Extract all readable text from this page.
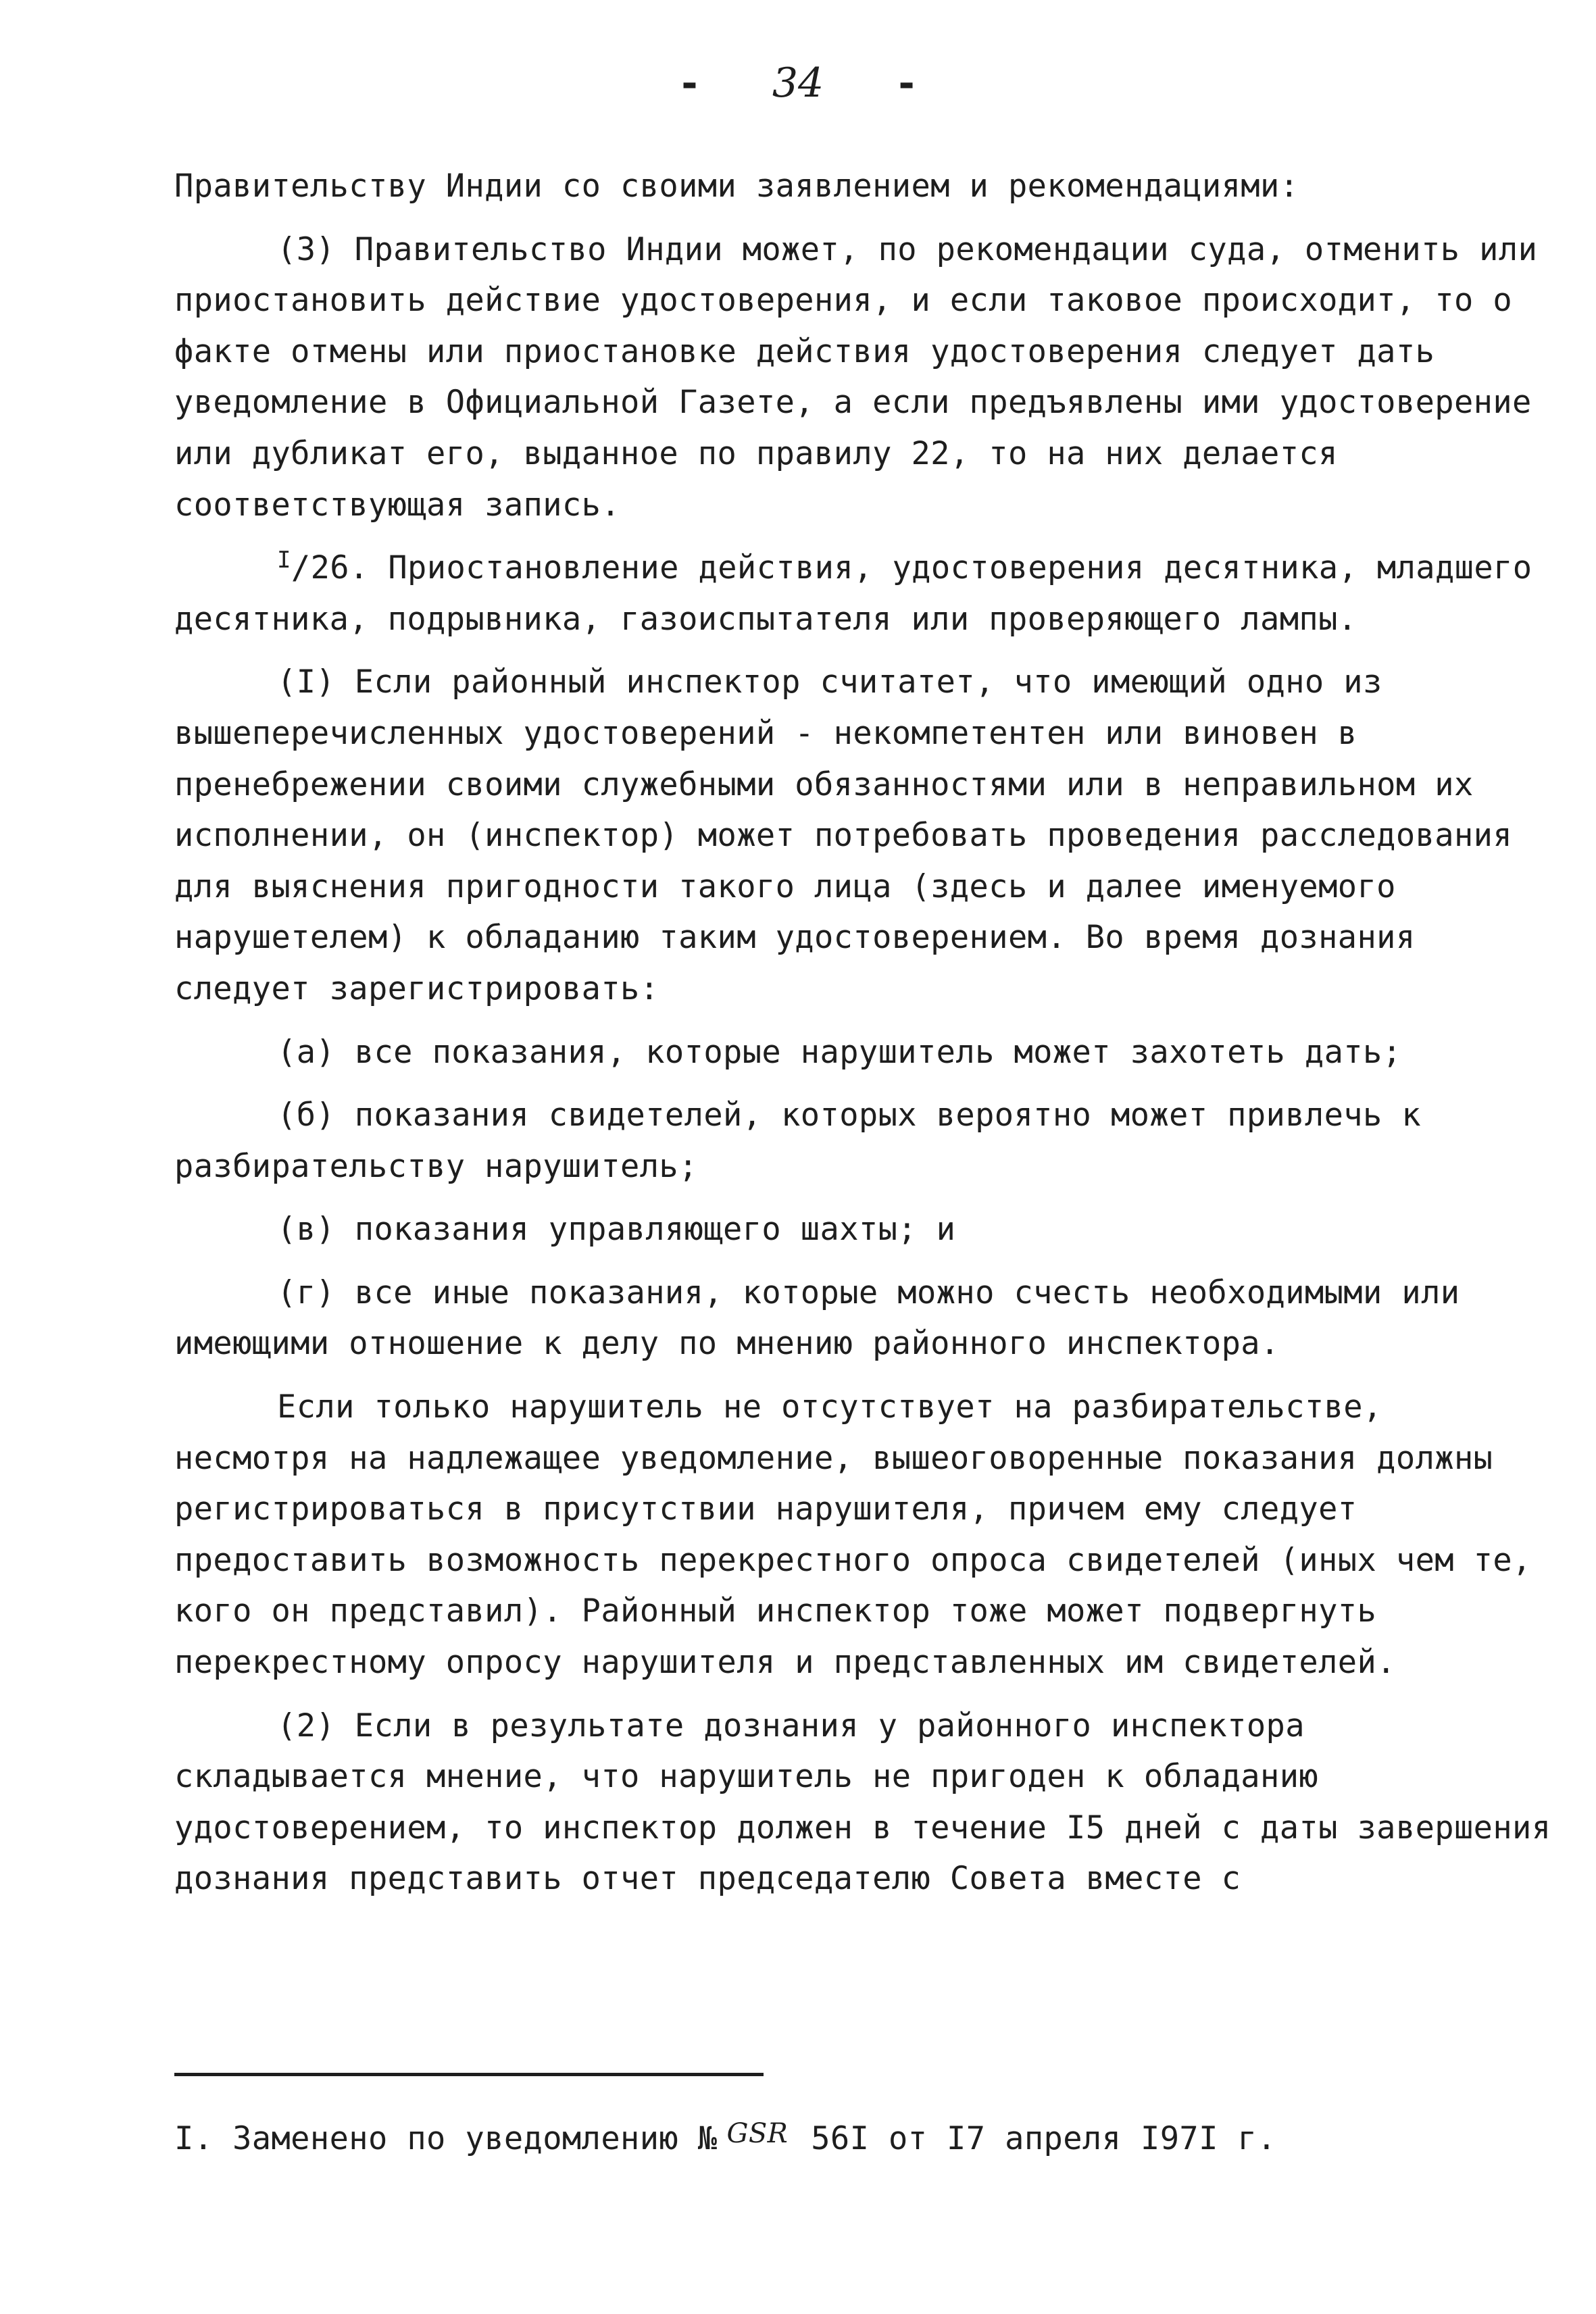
- 34 -

Правительству Индии со своими заявлением и рекомендациями:

(3) Правительство Индии может, по рекомендации суда, отменить или приостановить действие удостоверения, и если таковое происходит, то о факте отмены или приостановке действия удостоверения следует дать уведомление в Официальной Газете, а если предъявлены ими удостоверение или дубликат его, выданное по правилу 22, то на них делается соответствующая запись.

$^I$/26. Приостановление действия, удостоверения десятника, младшего десятника, подрывника, газоиспытателя или проверяющего лампы.

(I) Если районный инспектор считатет, что имеющий одно из вышеперечисленных удостоверений - некомпетентен или виновен в пренебрежении своими служебными обязанностями или в неправильном их исполнении, он (инспектор) может потребовать проведения расследования для выяснения пригодности такого лица (здесь и далее именуемого нарушетелем) к обладанию таким удостоверением. Во время дознания следует зарегистрировать:

(а) все показания, которые нарушитель может захотеть дать;

(б) показания свидетелей, которых вероятно может привлечь к разбирательству нарушитель;

(в) показания управляющего шахты; и

(г) все иные показания, которые можно счесть необходимыми или имеющими отношение к делу по мнению районного инспектора.

Если только нарушитель не отсутствует на разбирательстве, несмотря на надлежащее уведомление, вышеоговоренные показания должны регистрироваться в присутствии нарушителя, причем ему следует предоставить возможность перекрестного опроса свидетелей (иных чем те, кого он представил). Районный инспектор тоже может подвергнуть перекрестному опросу нарушителя и представленных им свидетелей.

(2) Если в результате дознания у районного инспектора складывается мнение, что нарушитель не пригоден к обладанию удостоверением, то инспектор должен в течение I5 дней с даты завершения дознания представить отчет председателю Совета вместе с

I. Заменено по уведомлению № GSR 56I от I7 апреля I97I г.
